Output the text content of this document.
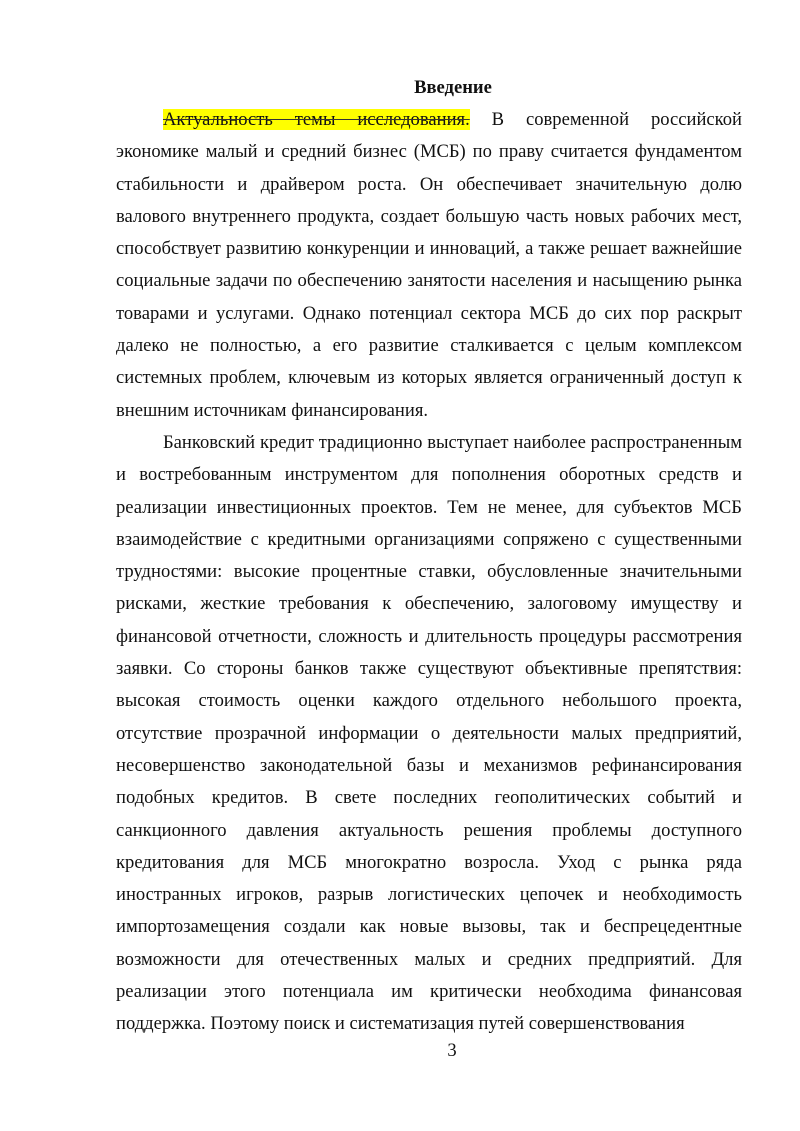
Введение

Актуальность темы исследования. В современной российской экономике малый и средний бизнес (МСБ) по праву считается фундаментом стабильности и драйвером роста. Он обеспечивает значительную долю валового внутреннего продукта, создает большую часть новых рабочих мест, способствует развитию конкуренции и инноваций, а также решает важнейшие социальные задачи по обеспечению занятости населения и насыщению рынка товарами и услугами. Однако потенциал сектора МСБ до сих пор раскрыт далеко не полностью, а его развитие сталкивается с целым комплексом системных проблем, ключевым из которых является ограниченный доступ к внешним источникам финансирования.

Банковский кредит традиционно выступает наиболее распространенным и востребованным инструментом для пополнения оборотных средств и реализации инвестиционных проектов. Тем не менее, для субъектов МСБ взаимодействие с кредитными организациями сопряжено с существенными трудностями: высокие процентные ставки, обусловленные значительными рисками, жесткие требования к обеспечению, залоговому имуществу и финансовой отчетности, сложность и длительность процедуры рассмотрения заявки. Со стороны банков также существуют объективные препятствия: высокая стоимость оценки каждого отдельного небольшого проекта, отсутствие прозрачной информации о деятельности малых предприятий, несовершенство законодательной базы и механизмов рефинансирования подобных кредитов. В свете последних геополитических событий и санкционного давления актуальность решения проблемы доступного кредитования для МСБ многократно возросла. Уход с рынка ряда иностранных игроков, разрыв логистических цепочек и необходимость импортозамещения создали как новые вызовы, так и беспрецедентные возможности для отечественных малых и средних предприятий. Для реализации этого потенциала им критически необходима финансовая поддержка. Поэтому поиск и систематизация путей совершенствования

3
